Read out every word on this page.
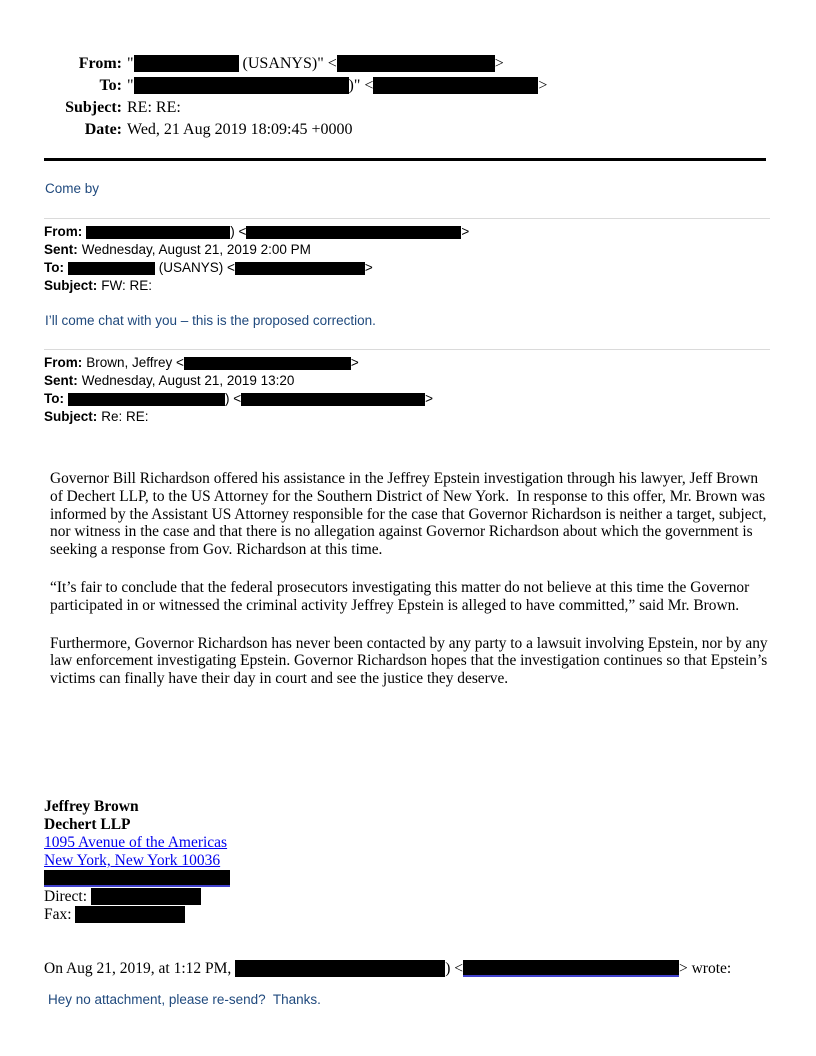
From: "	(USANYS)" <	>
To: "	)" <	>
Subject: RE: RE:
Date: Wed, 21 Aug 2019 18:09:45 +0000
Come by
From:	) <	>
Sent: Wednesday, August 21, 2019 2:00 PM
To:	(USANYS) <	>
Subject: FW: RE:
I’ll come chat with you – this is the proposed correction.
From: Brown, Jeffrey <	>
Sent: Wednesday, August 21, 2019 13:20
To:	) <	>
Subject: Re: RE:

Governor Bill Richardson offered his assistance in the Jeffrey Epstein investigation through his lawyer, Jeff Brown of Dechert LLP, to the US Attorney for the Southern District of New York.  In response to this offer, Mr. Brown was informed by the Assistant US Attorney responsible for the case that Governor Richardson is neither a target, subject, nor witness in the case and that there is no allegation against Governor Richardson about which the government is seeking a response from Gov. Richardson at this time.

“It’s fair to conclude that the federal prosecutors investigating this matter do not believe at this time the Governor participated in or witnessed the criminal activity Jeffrey Epstein is alleged to have committed,” said Mr. Brown.

Furthermore, Governor Richardson has never been contacted by any party to a lawsuit involving Epstein, nor by any law enforcement investigating Epstein. Governor Richardson hopes that the investigation continues so that Epstein’s victims can finally have their day in court and see the justice they deserve.

Jeffrey Brown
Dechert LLP
1095 Avenue of the Americas
New York, New York 10036
Direct:
Fax:
On Aug 21, 2019, at 1:12 PM,	) <	> wrote:
Hey no attachment, please re-send?  Thanks.
